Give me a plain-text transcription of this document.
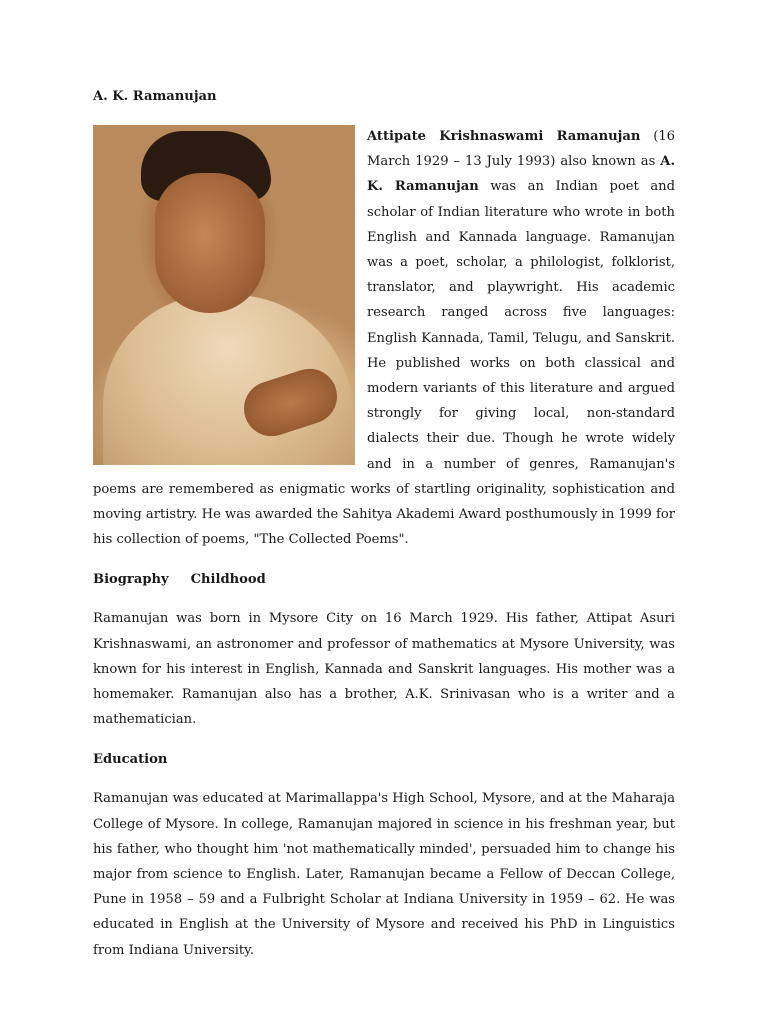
A. K. Ramanujan

Attipate Krishnaswami Ramanujan (16 March 1929 – 13 July 1993) also known as A. K. Ramanujan was an Indian poet and scholar of Indian literature who wrote in both English and Kannada language. Ramanujan was a poet, scholar, a philologist, folklorist, translator, and playwright. His academic research ranged across five languages: English Kannada, Tamil, Telugu, and Sanskrit. He published works on both classical and modern variants of this literature and argued strongly for giving local, non-standard dialects their due. Though he wrote widely and in a number of genres, Ramanujan's poems are remembered as enigmatic works of startling originality, sophistication and moving artistry. He was awarded the Sahitya Akademi Award posthumously in 1999 for his collection of poems, "The Collected Poems".

Biography Childhood

Ramanujan was born in Mysore City on 16 March 1929. His father, Attipat Asuri Krishnaswami, an astronomer and professor of mathematics at Mysore University, was known for his interest in English, Kannada and Sanskrit languages. His mother was a homemaker. Ramanujan also has a brother, A.K. Srinivasan who is a writer and a mathematician.

Education

Ramanujan was educated at Marimallappa's High School, Mysore, and at the Maharaja College of Mysore. In college, Ramanujan majored in science in his freshman year, but his father, who thought him 'not mathematically minded', persuaded him to change his major from science to English. Later, Ramanujan became a Fellow of Deccan College, Pune in 1958 – 59 and a Fulbright Scholar at Indiana University in 1959 – 62. He was educated in English at the University of Mysore and received his PhD in Linguistics from Indiana University.
